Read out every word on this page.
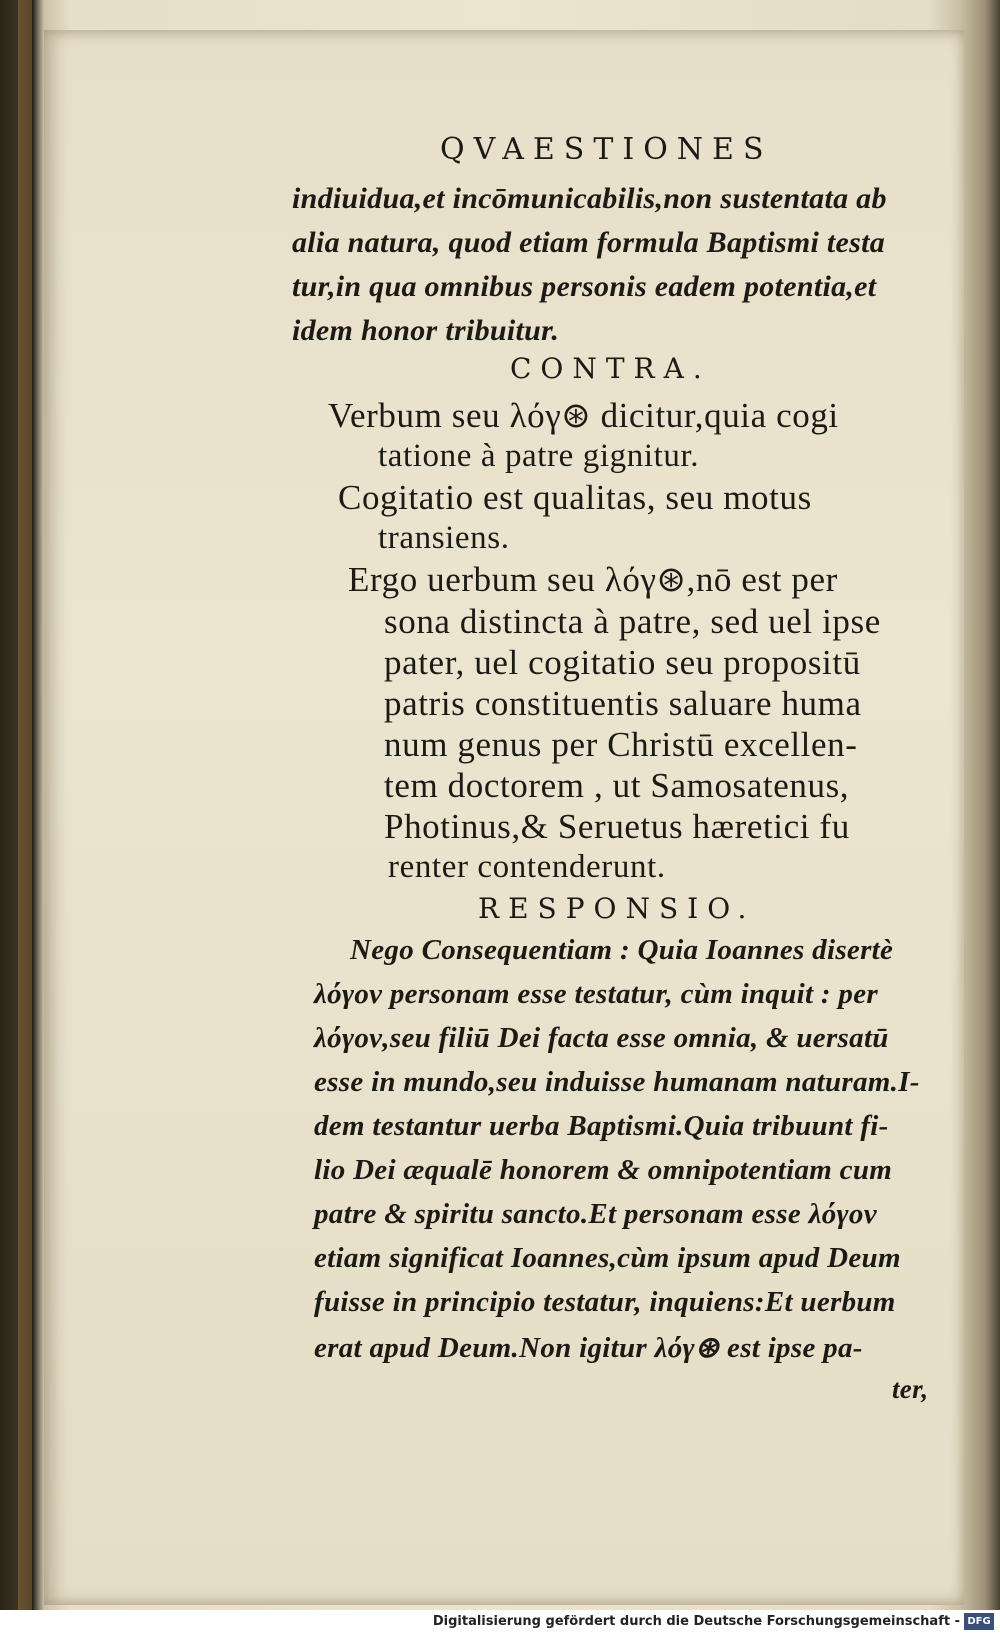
QVAESTIONES
indiuidua,et incōmunicabilis,non sustentata ab
alia natura, quod etiam formula Baptismi testa
tur,in qua omnibus personis eadem potentia,et
idem honor tribuitur.
CONTRA.
Verbum seu λόγ⊛ dicitur,quia cogi
tatione à patre gignitur.
Cogitatio est qualitas, seu motus
transiens.
Ergo uerbum seu λόγ⊛,nō est per
sona distincta à patre, sed uel ipse
pater, uel cogitatio seu propositū
patris constituentis saluare huma
num genus per Christū excellen-
tem doctorem , ut Samosatenus,
Photinus,& Seruetus hæretici fu
renter contenderunt.
RESPONSIO.
Nego Consequentiam : Quia Ioannes disertè
λόγον personam esse testatur, cùm inquit : per
λόγον,seu filiū Dei facta esse omnia, & uersatū
esse in mundo,seu induisse humanam naturam.I-
dem testantur uerba Baptismi.Quia tribuunt fi-
lio Dei æqualē honorem & omnipotentiam cum
patre & spiritu sancto.Et personam esse λόγον
etiam significat Ioannes,cùm ipsum apud Deum
fuisse in principio testatur, inquiens:Et uerbum
erat apud Deum.Non igitur λόγ⊛ est ipse pa-
ter,
Digitalisierung gefördert durch die Deutsche Forschungsgemeinschaft - DFG
